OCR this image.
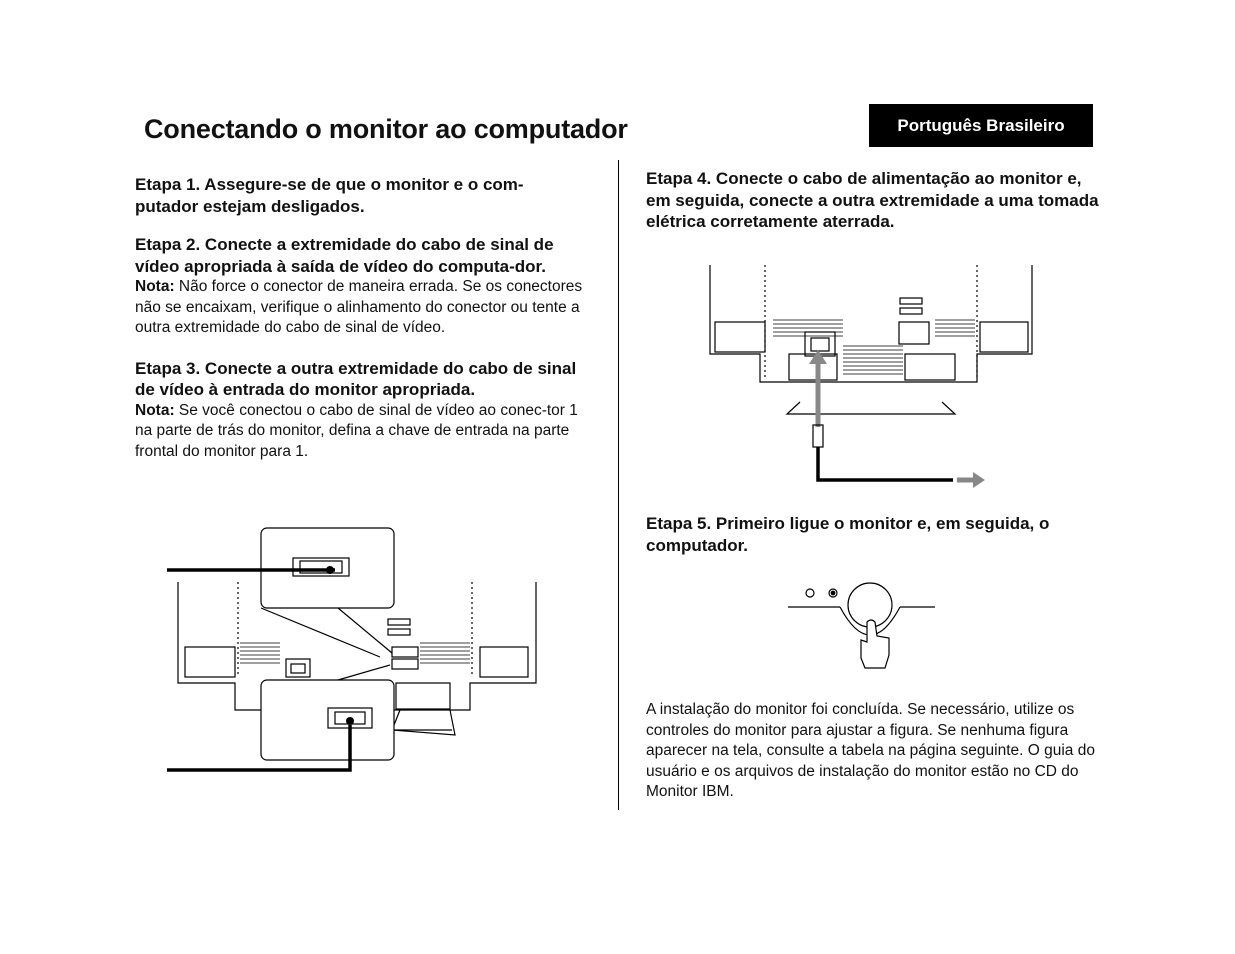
Conectando o monitor ao computador	Português Brasileiro

Etapa 1. Assegure-se de que o monitor e o com-putador estejam desligados.

Etapa 2. Conecte a extremidade do cabo de sinal de vídeo apropriada à saída de vídeo do computa-dor.

Nota: Não force o conector de maneira errada. Se os conectores não se encaixam, verifique o alinhamento do conector ou tente a outra extremidade do cabo de sinal de vídeo.

Etapa 3. Conecte a outra extremidade do cabo de sinal de vídeo à entrada do monitor apropriada.

Nota: Se você conectou o cabo de sinal de vídeo ao conec-tor 1 na parte de trás do monitor, defina a chave de entrada na parte frontal do monitor para 1.

Etapa 4. Conecte o cabo de alimentação ao monitor e, em seguida, conecte a outra extremidade a uma tomada elétrica corretamente aterrada.

Etapa 5. Primeiro ligue o monitor e, em seguida, o computador.

A instalação do monitor foi concluída. Se necessário, utilize os controles do monitor para ajustar a figura. Se nenhuma figura aparecer na tela, consulte a tabela na página seguinte. O guia do usuário e os arquivos de instalação do monitor estão no CD do Monitor IBM.
